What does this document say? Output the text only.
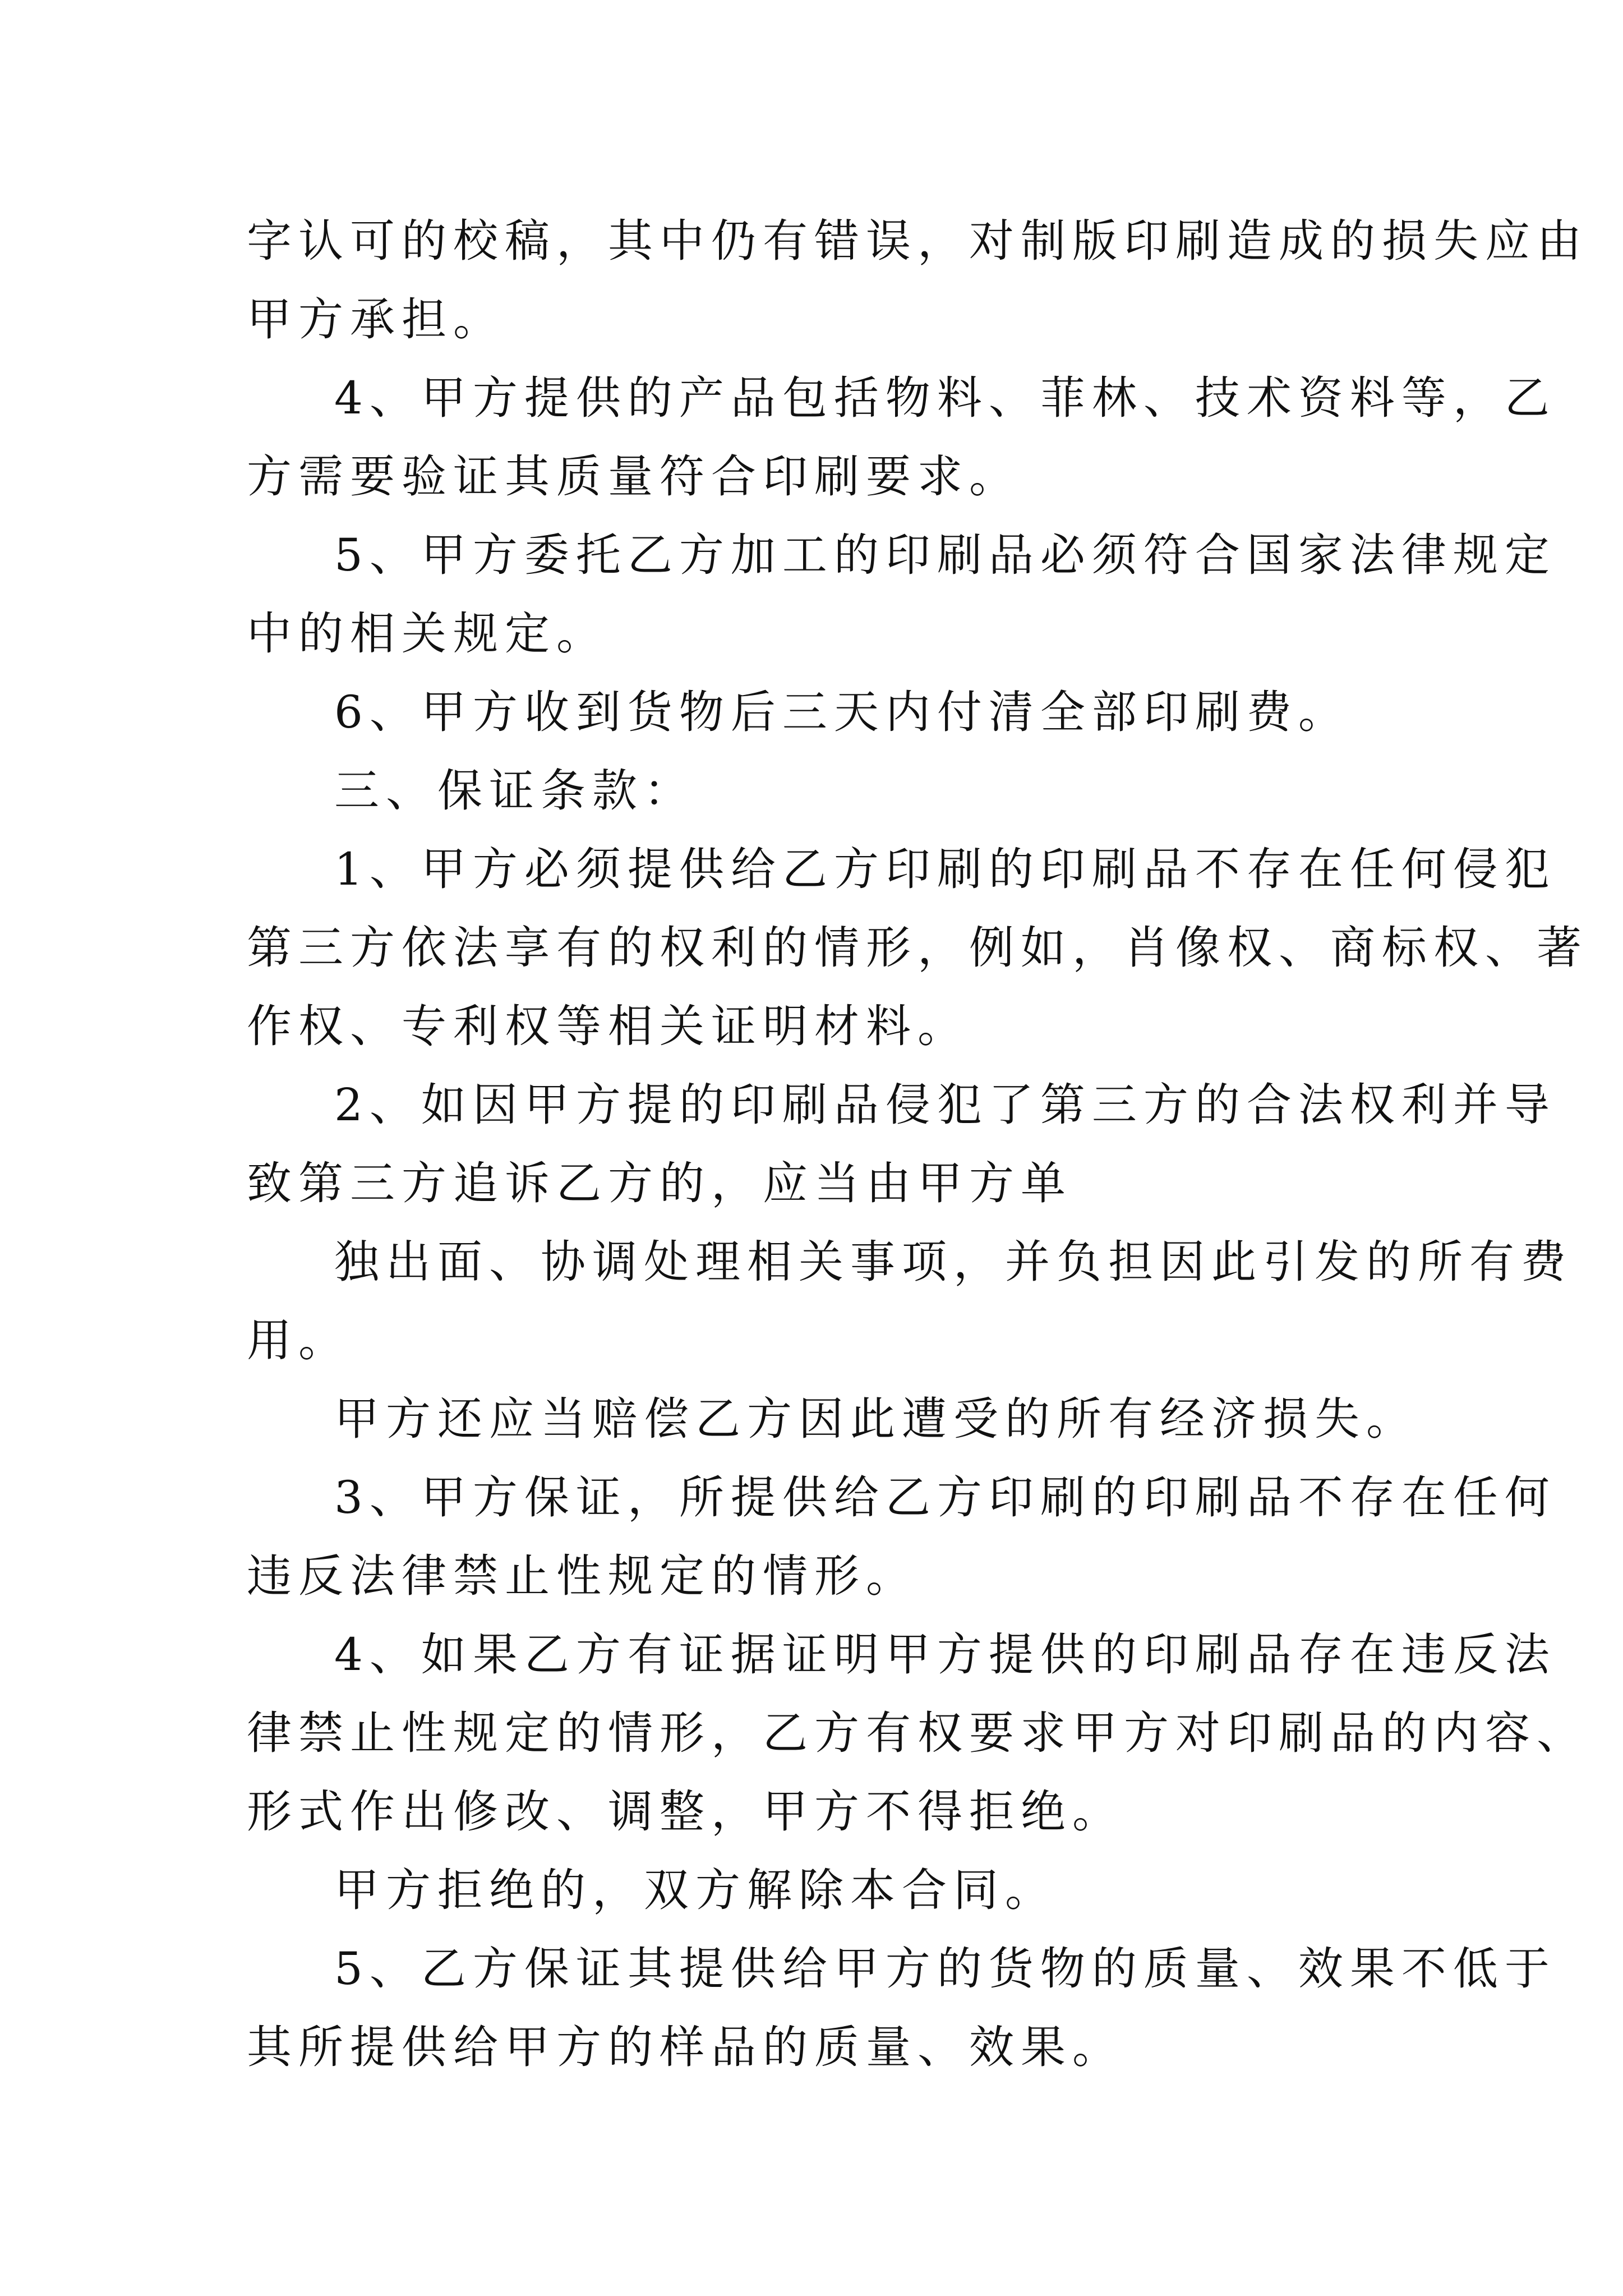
字认可的校稿，其中仍有错误，对制版印刷造成的损失应由
甲方承担。
4、甲方提供的产品包括物料、菲林、技术资料等，乙
方需要验证其质量符合印刷要求。
5、甲方委托乙方加工的印刷品必须符合国家法律规定
中的相关规定。
6、甲方收到货物后三天内付清全部印刷费。
三、保证条款：
1、甲方必须提供给乙方印刷的印刷品不存在任何侵犯
第三方依法享有的权利的情形，例如，肖像权、商标权、著
作权、专利权等相关证明材料。
2、如因甲方提的印刷品侵犯了第三方的合法权利并导
致第三方追诉乙方的，应当由甲方单
独出面、协调处理相关事项，并负担因此引发的所有费
用。
甲方还应当赔偿乙方因此遭受的所有经济损失。
3、甲方保证，所提供给乙方印刷的印刷品不存在任何
违反法律禁止性规定的情形。
4、如果乙方有证据证明甲方提供的印刷品存在违反法
律禁止性规定的情形，乙方有权要求甲方对印刷品的内容、
形式作出修改、调整，甲方不得拒绝。
甲方拒绝的，双方解除本合同。
5、乙方保证其提供给甲方的货物的质量、效果不低于
其所提供给甲方的样品的质量、效果。
